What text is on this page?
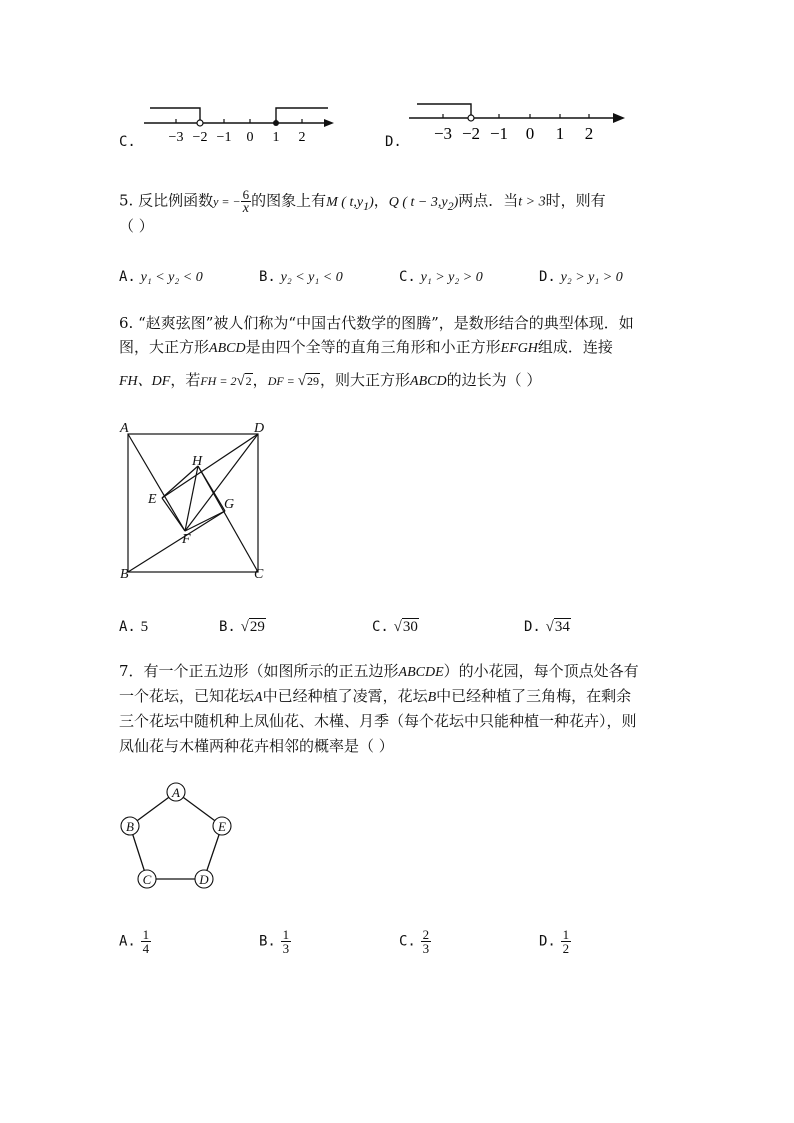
C. −3 −2 −1 0 1 2	D. −3 −2 −1 0 1 2
5. 反比例函数y = − $\frac{6}{x}$ 的图象上有M ( $t,y_1$)，Q ( $t - 3,y_2$)两点．当t > 3时，则有
（ ）
A. y₁ < y₂ < 0	B. y₂ < y₁ < 0	C. y₁ > y₂ > 0	D. y₂ > y₁ > 0
6. “赵爽弦图”被人们称为“中国古代数学的图腾”，是数形结合的典型体现．如
图，大正方形ABCD是由四个全等的直角三角形和小正方形EFGH组成．连接
FH、DF，若FH = 2√2，DF = √29，则大正方形ABCD的边长为（ ）
A	D
H
E	G
F
B	C
A. 5	B. √29	C. √30	D. √34
7．有一个正五边形（如图所示的正五边形ABCDE）的小花园，每个顶点处各有
一个花坛，已知花坛A中已经种植了凌霄，花坛B中已经种植了三角梅，在剩余
三个花坛中随机种上凤仙花、木槿、月季（每个花坛中只能种植一种花卉），则
凤仙花与木槿两种花卉相邻的概率是（ ）
A
B	E
C	D
A. $\frac{1}{4}$	B. $\frac{1}{3}$	C. $\frac{2}{3}$	D. $\frac{1}{2}$
